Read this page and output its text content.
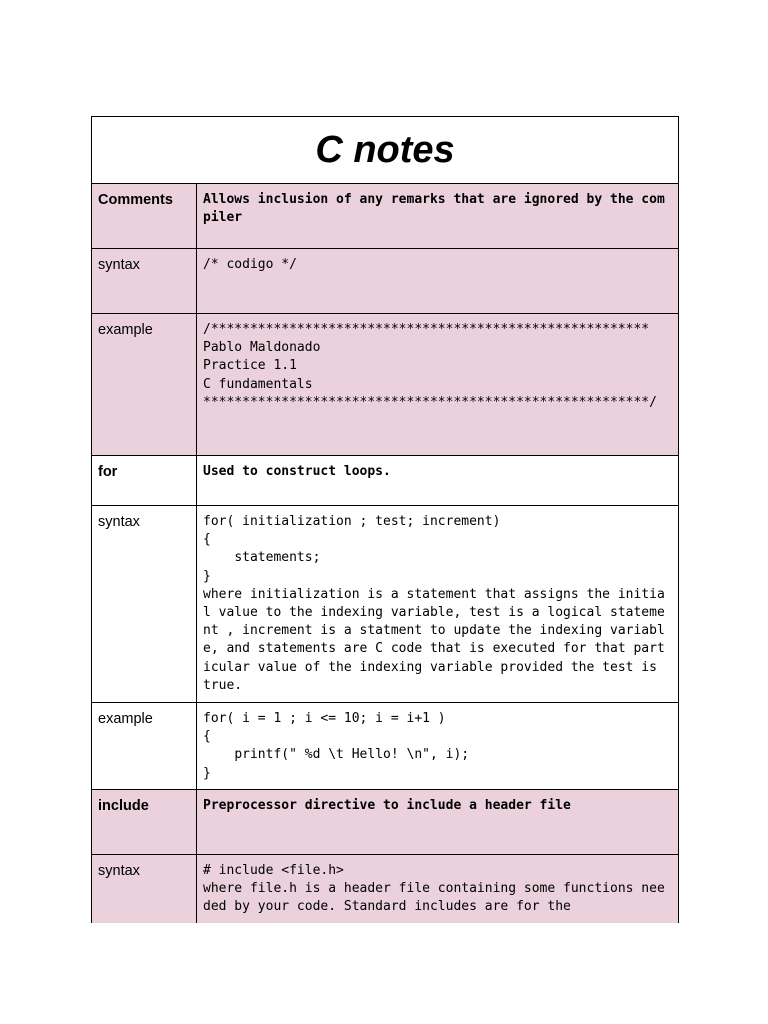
C notes	
Comments	Allows inclusion of any remarks that are ignored by the compiler
syntax	/* codigo */
example	/********************************************************
Pablo Maldonado
Practice 1.1
C fundamentals
*********************************************************/
for	Used to construct loops.
syntax	for( initialization ; test; increment)
{
statements;
}
where initialization is a statement that assigns the initial value to the indexing variable, test is a logical statement , increment is a statment to update the indexing variable, and statements are C code that is executed for that particular value of the indexing variable provided the test is true.
example	for( i = 1 ; i <= 10; i = i+1 )
{
printf(" %d \t Hello! \n", i);
}
include	Preprocessor directive to include a header file
syntax	# include <file.h>
where file.h is a header file containing some functions needed by your code. Standard includes are for the
